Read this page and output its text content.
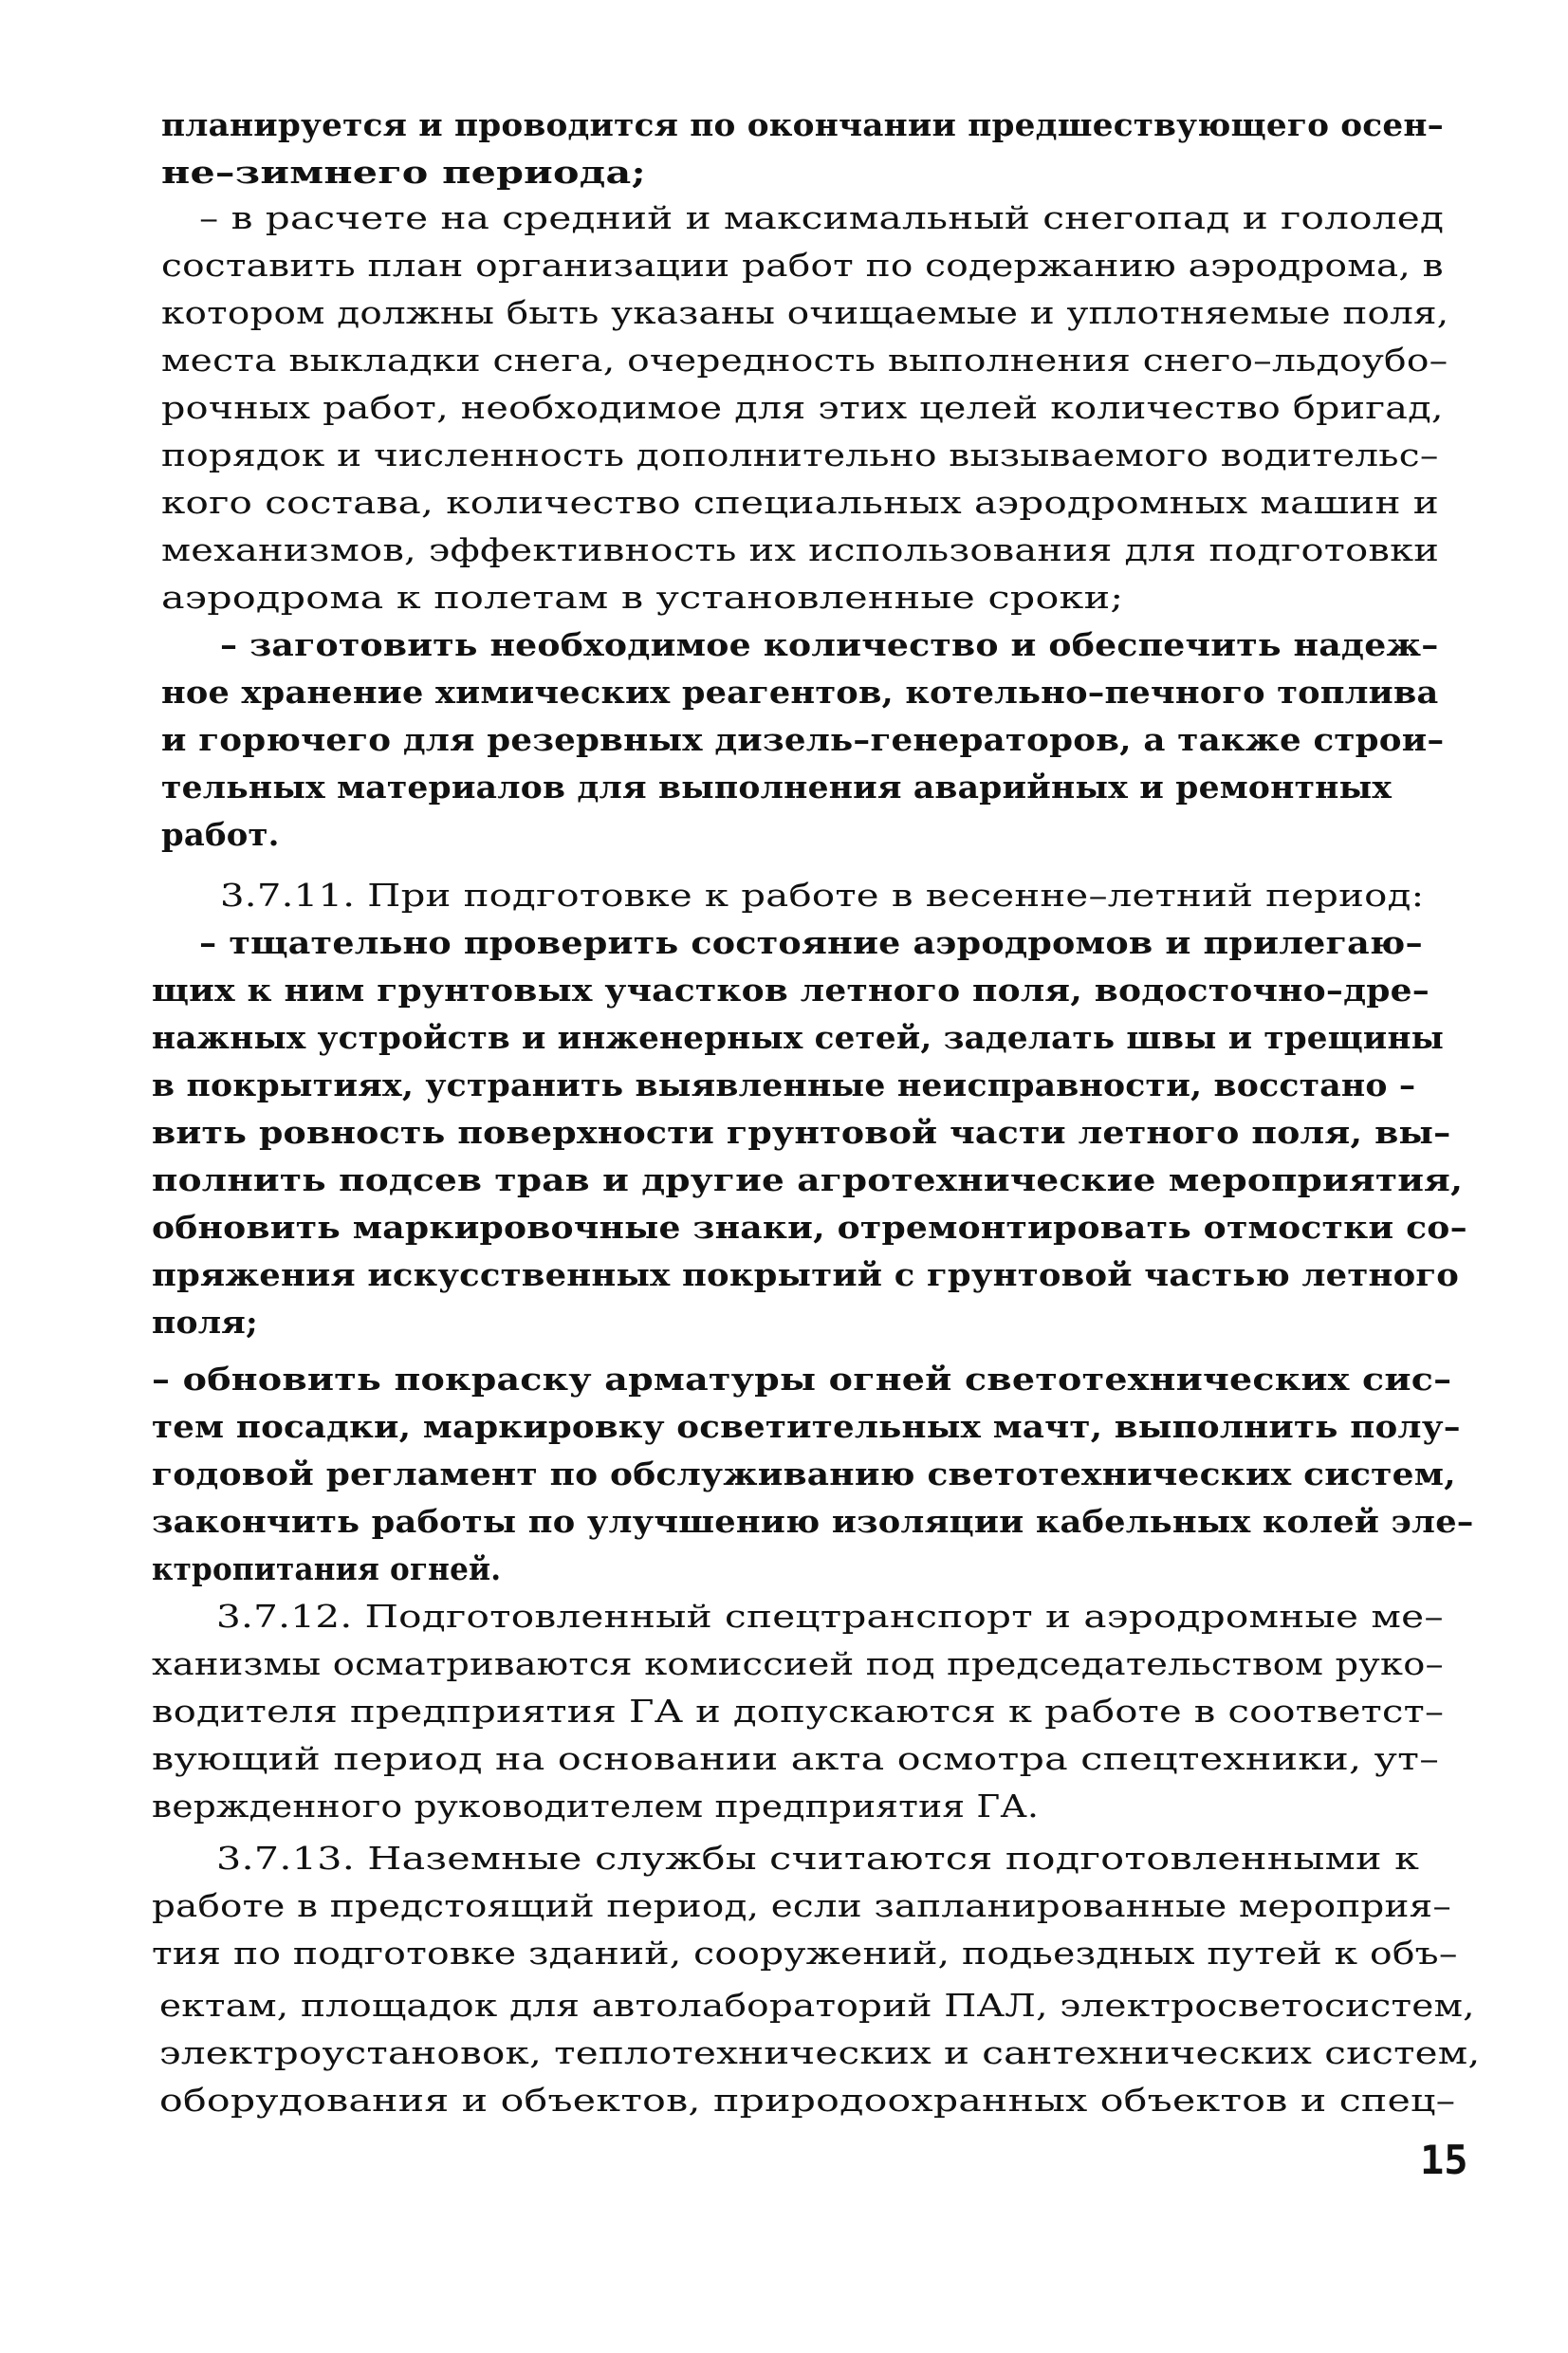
планируется и проводится по окончании предшествующего осен–
не–зимнего периода;
– в расчете на средний и максимальный снегопад и гололед
составить план организации работ по содержанию аэродрома, в
котором должны быть указаны очищаемые и уплотняемые поля,
места выкладки снега, очередность выполнения снего–льдоубо–
рочных работ, необходимое для этих целей количество бригад,
порядок и численность дополнительно вызываемого водительс–
кого состава, количество специальных аэродромных машин и
механизмов, эффективность их использования для подготовки
аэродрома к полетам в установленные сроки;
– заготовить необходимое количество и обеспечить надеж–
ное хранение химических реагентов, котельно–печного топлива
и горючего для резервных дизель–генераторов, а также строи–
тельных материалов для выполнения аварийных и ремонтных
работ.
3.7.11. При подготовке к работе в весенне–летний период:
– тщательно проверить состояние аэродромов и прилегаю–
щих к ним грунтовых участков летного поля, водосточно–дре–
нажных устройств и инженерных сетей, заделать швы и трещины
в покрытиях, устранить выявленные неисправности, восстано –
вить ровность поверхности грунтовой части летного поля, вы–
полнить подсев трав и другие агротехнические мероприятия,
обновить маркировочные знаки, отремонтировать отмостки со–
пряжения искусственных покрытий с грунтовой частью летного
поля;
– обновить покраску арматуры огней светотехнических сис–
тем посадки, маркировку осветительных мачт, выполнить полу–
годовой регламент по обслуживанию светотехнических систем,
закончить работы по улучшению изоляции кабельных колей эле–
ктропитания огней.
3.7.12. Подготовленный спецтранспорт и аэродромные ме–
ханизмы осматриваются комиссией под председательством руко–
водителя предприятия ГА и допускаются к работе в соответст–
вующий период на основании акта осмотра спецтехники, ут–
вержденного руководителем предприятия ГА.
3.7.13. Наземные службы считаются подготовленными к
работе в предстоящий период, если запланированные мероприя–
тия по подготовке зданий, сооружений, подьездных путей к объ–
ектам, площадок для автолабораторий ПАЛ, электросветосистем,
электроустановок, теплотехнических и сантехнических систем,
оборудования и объектов, природоохранных объектов и спец–
15
